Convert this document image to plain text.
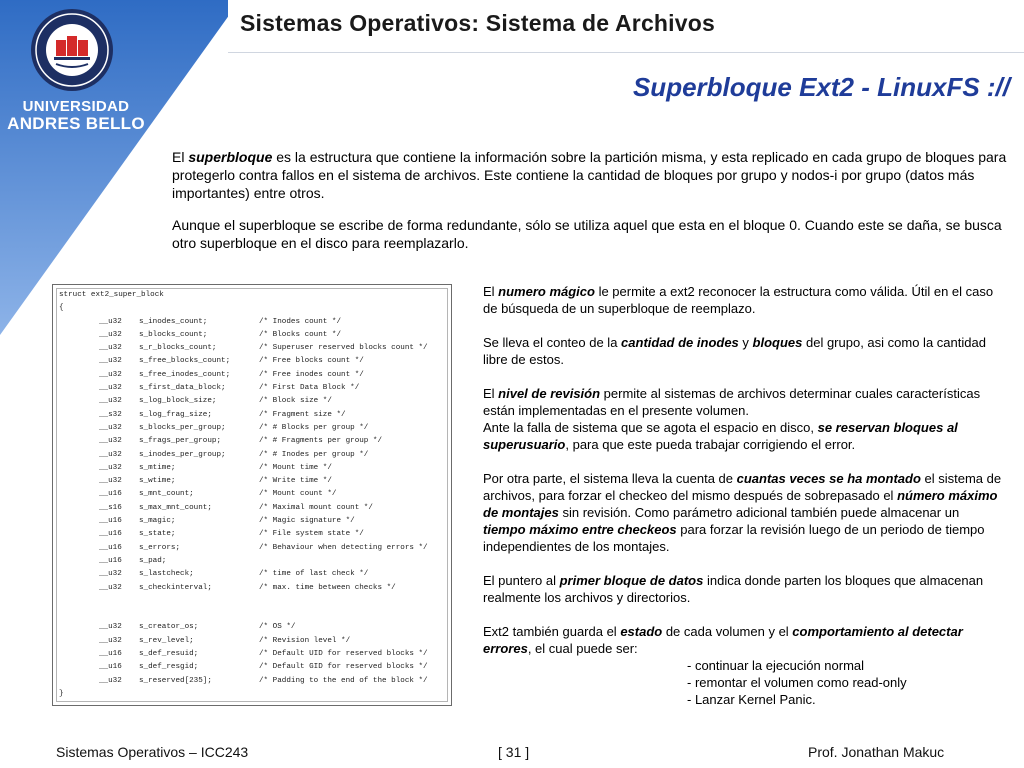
Sistemas Operativos: Sistema de Archivos
UNIVERSIDAD
ANDRES BELLO
Superbloque Ext2 - LinuxFS ://

El superbloque es la estructura que contiene la información sobre la partición misma, y esta replicado en cada grupo de bloques para protegerlo contra fallos en el sistema de archivos. Este contiene la cantidad de bloques por grupo y nodos-i por grupo (datos más importantes) entre otros.

Aunque el superbloque se escribe de forma redundante, sólo se utiliza aquel que esta en el bloque 0. Cuando este se daña, se busca otro superbloque en el disco para reemplazarlo.

struct ext2_super_block
{
__u32 s_inodes_count;	/* Inodes count */
__u32 s_blocks_count;	/* Blocks count */
__u32 s_r_blocks_count;	/* Superuser reserved blocks count */
__u32 s_free_blocks_count;	/* Free blocks count */
__u32 s_free_inodes_count;	/* Free inodes count */
__u32 s_first_data_block;	/* First Data Block */
__u32 s_log_block_size;	/* Block size */
__s32 s_log_frag_size;	/* Fragment size */
__u32 s_blocks_per_group;	/* # Blocks per group */
__u32 s_frags_per_group;	/* # Fragments per group */
__u32 s_inodes_per_group;	/* # Inodes per group */
__u32 s_mtime;	/* Mount time */
__u32 s_wtime;	/* Write time */
__u16 s_mnt_count;	/* Mount count */
__s16 s_max_mnt_count;	/* Maximal mount count */
__u16 s_magic;	/* Magic signature */
__u16 s_state;	/* File system state */
__u16 s_errors;	/* Behaviour when detecting errors */
__u16 s_pad;
__u32 s_lastcheck;	/* time of last check */
__u32 s_checkinterval;	/* max. time between checks */
__u32 s_creator_os;	/* OS */
__u32 s_rev_level;	/* Revision level */
__u16 s_def_resuid;	/* Default UID for reserved blocks */
__u16 s_def_resgid;	/* Default GID for reserved blocks */
__u32 s_reserved[235];	/* Padding to the end of the block */
}

El numero mágico le permite a ext2 reconocer la estructura como válida. Útil en el caso de búsqueda de un superbloque de reemplazo.

Se lleva el conteo de la cantidad de inodes y bloques del grupo, asi como la cantidad libre de estos.

El nivel de revisión permite al sistemas de archivos determinar cuales características están implementadas en el presente volumen.

Ante la falla de sistema que se agota el espacio en disco, se reservan bloques al superusuario, para que este pueda trabajar corrigiendo el error.

Por otra parte, el sistema lleva la cuenta de cuantas veces se ha montado el sistema de archivos, para forzar el checkeo del mismo después de sobrepasado el número máximo de montajes sin revisión. Como parámetro adicional también puede almacenar un tiempo máximo entre checkeos para forzar la revisión luego de un periodo de tiempo independientes de los montajes.

El puntero al primer bloque de datos indica donde parten los bloques que almacenan realmente los archivos y directorios.

Ext2 también guarda el estado de cada volumen y el comportamiento al detectar errores, el cual puede ser:

- continuar la ejecución normal
- remontar el volumen como read-only
- Lanzar Kernel Panic.
Sistemas Operativos – ICC243	[ 31 ]	Prof. Jonathan Makuc
